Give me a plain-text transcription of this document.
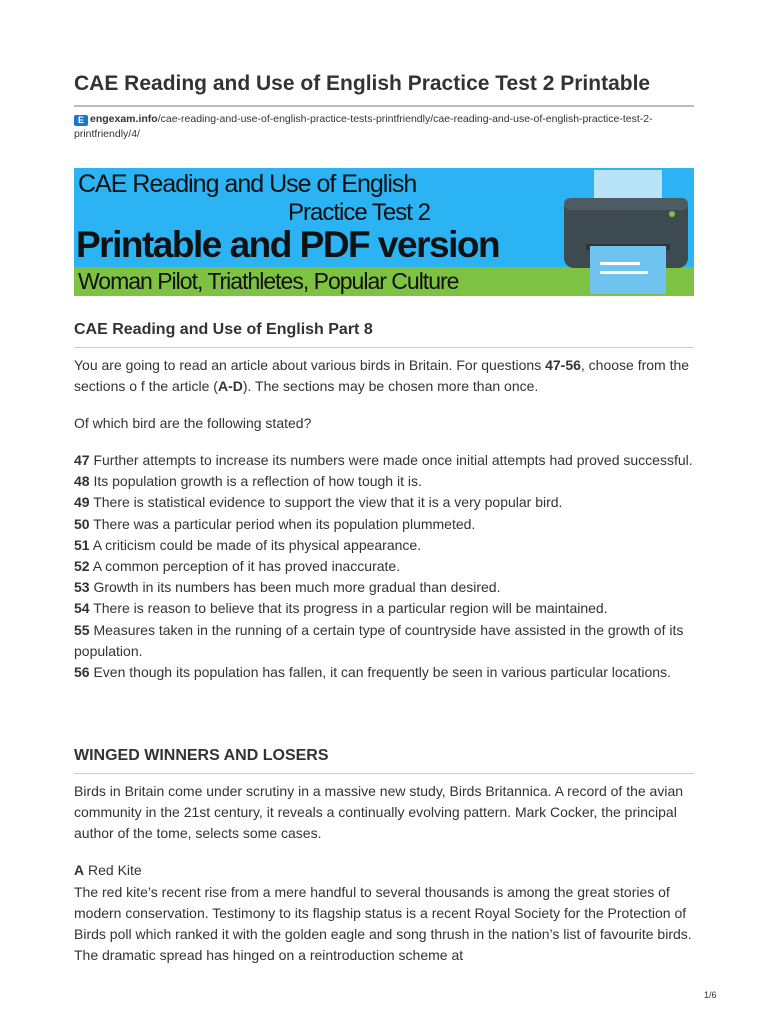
CAE Reading and Use of English Practice Test 2 Printable
E engexam.info/cae-reading-and-use-of-english-practice-tests-printfriendly/cae-reading-and-use-of-english-practice-test-2-printfriendly/4/
CAE Reading and Use of English
Practice Test 2
Printable and PDF version
Woman Pilot, Triathletes, Popular Culture
CAE Reading and Use of English Part 8

You are going to read an article about various birds in Britain. For questions 47-56, choose from the sections o f the article (A-D). The sections may be chosen more than once.

Of which bird are the following stated?

47 Further attempts to increase its numbers were made once initial attempts had proved successful.
48 Its population growth is a reflection of how tough it is.
49 There is statistical evidence to support the view that it is a very popular bird.
50 There was a particular period when its population plummeted.
51 A criticism could be made of its physical appearance.
52 A common perception of it has proved inaccurate.
53 Growth in its numbers has been much more gradual than desired.
54 There is reason to believe that its progress in a particular region will be maintained.
55 Measures taken in the running of a certain type of countryside have assisted in the growth of its population.
56 Even though its population has fallen, it can frequently be seen in various particular locations.
WINGED WINNERS AND LOSERS

Birds in Britain come under scrutiny in a massive new study, Birds Britannica. A record of the avian community in the 21st century, it reveals a continually evolving pattern. Mark Cocker, the principal author of the tome, selects some cases.

A Red Kite

The red kite’s recent rise from a mere handful to several thousands is among the great stories of modern conservation. Testimony to its flagship status is a recent Royal Society for the Protection of Birds poll which ranked it with the golden eagle and song thrush in the nation’s list of favourite birds. The dramatic spread has hinged on a reintroduction scheme at

1/6
